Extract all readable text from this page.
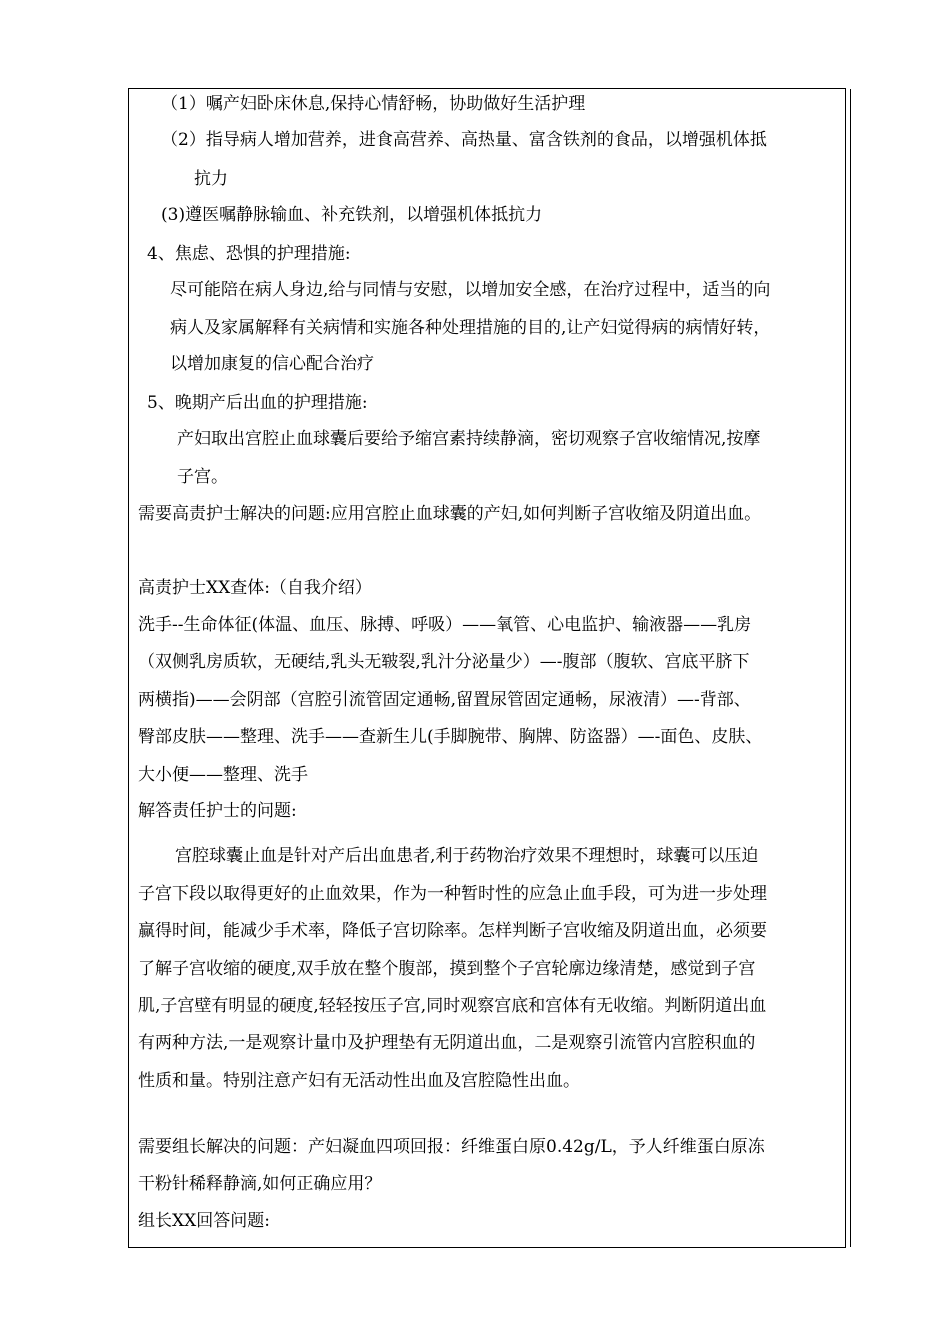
（1）嘱产妇卧床休息,保持心情舒畅，协助做好生活护理
（2）指导病人增加营养，进食高营养、高热量、富含铁剂的食品，以增强机体抵
抗力
(3)遵医嘱静脉输血、补充铁剂，以增强机体抵抗力
4、焦虑、恐惧的护理措施:
尽可能陪在病人身边,给与同情与安慰，以增加安全感，在治疗过程中，适当的向
病人及家属解释有关病情和实施各种处理措施的目的,让产妇觉得病的病情好转，
以增加康复的信心配合治疗
5、晚期产后出血的护理措施:
产妇取出宫腔止血球囊后要给予缩宫素持续静滴，密切观察子宫收缩情况,按摩
子宫。
需要高责护士解决的问题:应用宫腔止血球囊的产妇,如何判断子宫收缩及阴道出血。
高责护士XX查体:（自我介绍）
洗手--生命体征(体温、血压、脉搏、呼吸）——氧管、心电监护、输液器——乳房
（双侧乳房质软，无硬结,乳头无皲裂,乳汁分泌量少）—-腹部（腹软、宫底平脐下
两横指)——会阴部（宫腔引流管固定通畅,留置尿管固定通畅，尿液清）—-背部、
臀部皮肤——整理、洗手——查新生儿(手脚腕带、胸牌、防盗器）—-面色、皮肤、
大小便——整理、洗手
解答责任护士的问题:
宫腔球囊止血是针对产后出血患者,利于药物治疗效果不理想时，球囊可以压迫
子宫下段以取得更好的止血效果，作为一种暂时性的应急止血手段，可为进一步处理
赢得时间，能减少手术率，降低子宫切除率。怎样判断子宫收缩及阴道出血，必须要
了解子宫收缩的硬度,双手放在整个腹部，摸到整个子宫轮廓边缘清楚，感觉到子宫
肌,子宫壁有明显的硬度,轻轻按压子宫,同时观察宫底和宫体有无收缩。判断阴道出血
有两种方法,一是观察计量巾及护理垫有无阴道出血，二是观察引流管内宫腔积血的
性质和量。特别注意产妇有无活动性出血及宫腔隐性出血。
需要组长解决的问题：产妇凝血四项回报：纤维蛋白原0.42g/L，予人纤维蛋白原冻
干粉针稀释静滴,如何正确应用？
组长XX回答问题:
